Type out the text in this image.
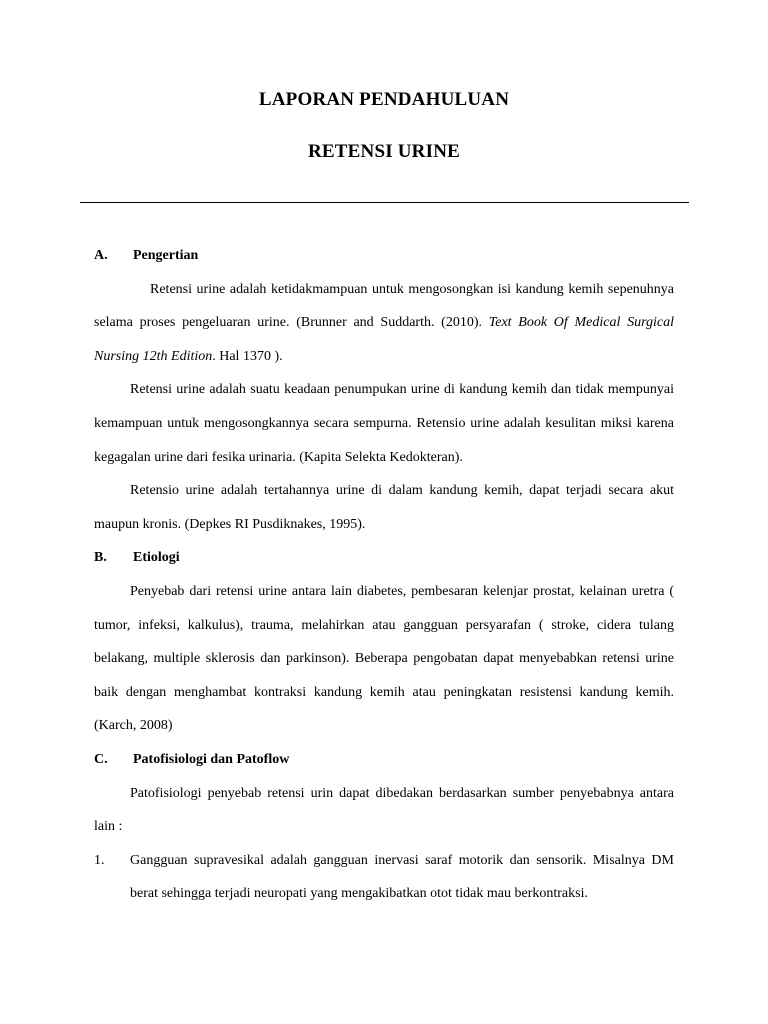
LAPORAN PENDAHULUAN
RETENSI URINE
A.	Pengertian

Retensi urine adalah ketidakmampuan untuk mengosongkan isi kandung kemih sepenuhnya selama proses pengeluaran urine. (Brunner and Suddarth. (2010). Text Book Of Medical Surgical Nursing 12th Edition. Hal 1370 ).

Retensi urine adalah suatu keadaan penumpukan urine di kandung kemih dan tidak mempunyai kemampuan untuk mengosongkannya secara sempurna. Retensio urine adalah kesulitan miksi karena kegagalan urine dari fesika urinaria. (Kapita Selekta Kedokteran).

Retensio urine adalah tertahannya urine di dalam kandung kemih, dapat terjadi secara akut maupun kronis. (Depkes RI Pusdiknakes, 1995).

B.	Etiologi

Penyebab dari retensi urine antara lain diabetes, pembesaran kelenjar prostat, kelainan uretra ( tumor, infeksi, kalkulus), trauma, melahirkan atau gangguan persyarafan ( stroke, cidera tulang belakang, multiple sklerosis dan parkinson). Beberapa pengobatan dapat menyebabkan retensi urine baik dengan menghambat kontraksi kandung kemih atau peningkatan resistensi kandung kemih. (Karch, 2008)

C.	Patofisiologi dan Patoflow

Patofisiologi penyebab retensi urin dapat dibedakan berdasarkan sumber penyebabnya antara lain :

1.	Gangguan supravesikal adalah gangguan inervasi saraf motorik dan sensorik. Misalnya DM berat sehingga terjadi neuropati yang mengakibatkan otot tidak mau berkontraksi.
